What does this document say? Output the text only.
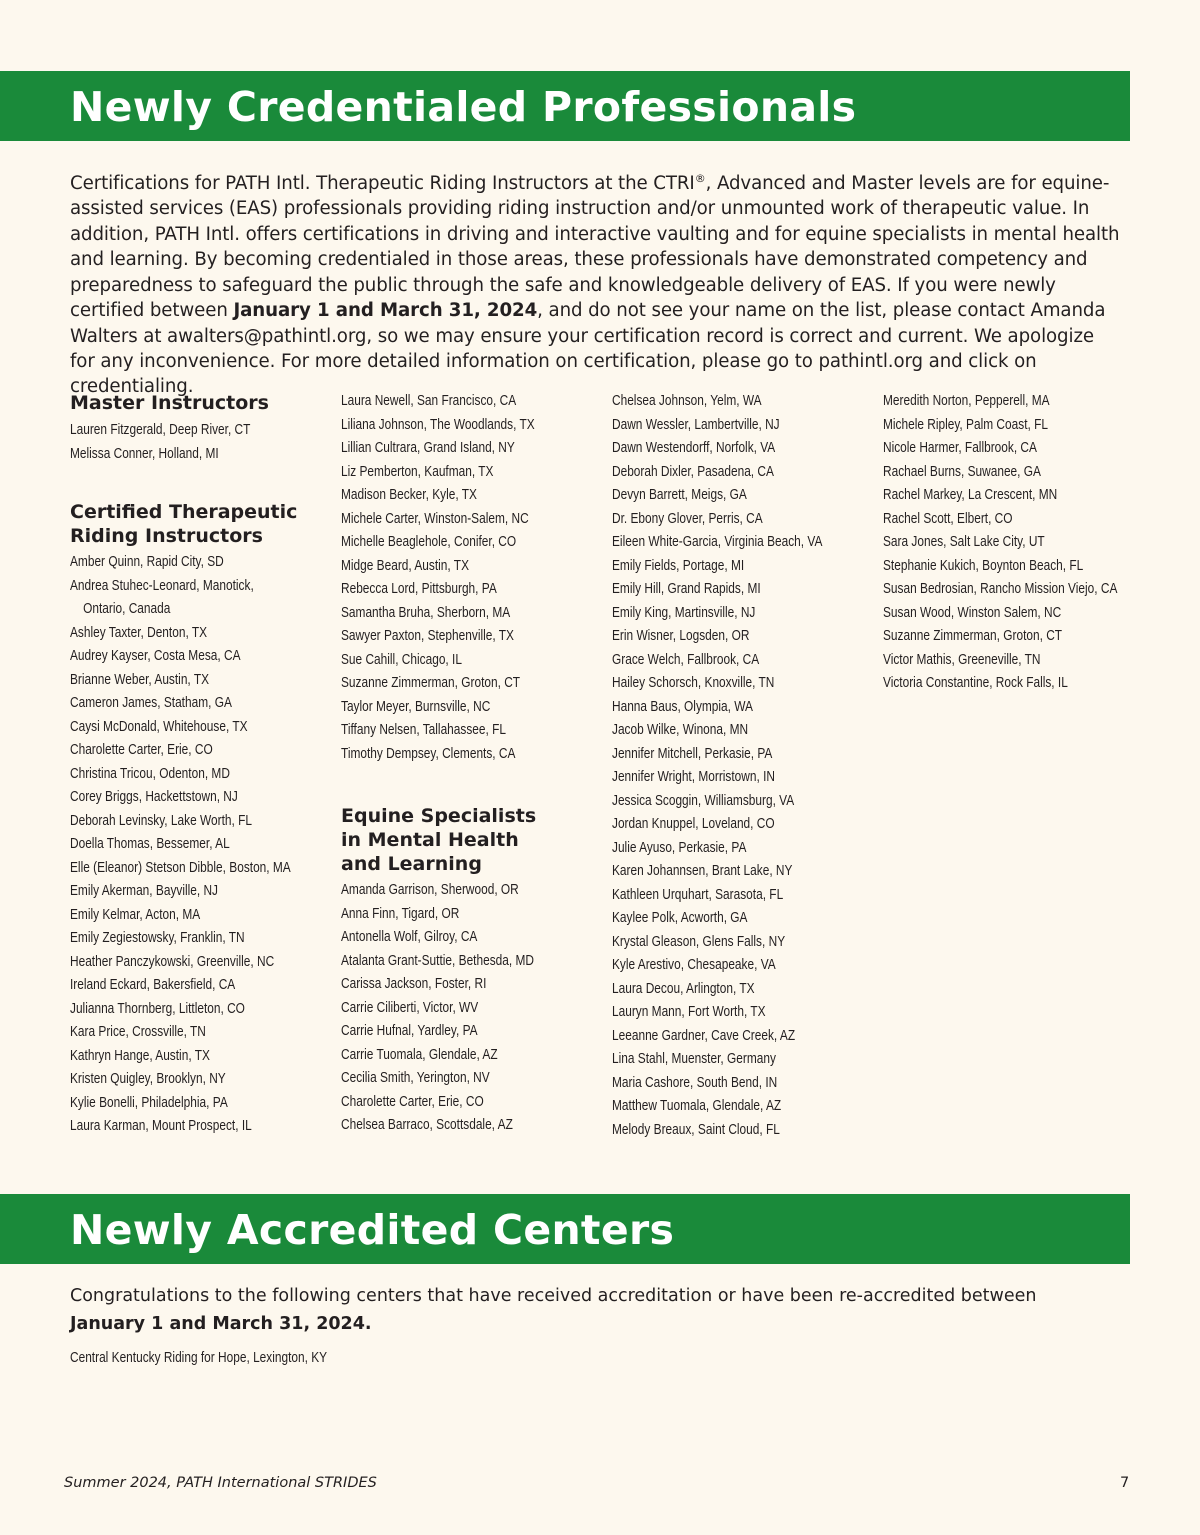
Newly Credentialed Professionals
Certifications for PATH Intl. Therapeutic Riding Instructors at the CTRI®, Advanced and Master levels are for equine-assisted services (EAS) professionals providing riding instruction and/or unmounted work of therapeutic value. In addition, PATH Intl. offers certifications in driving and interactive vaulting and for equine specialists in mental health and learning. By becoming credentialed in those areas, these professionals have demonstrated competency and preparedness to safeguard the public through the safe and knowledgeable delivery of EAS. If you were newly certified between January 1 and March 31, 2024, and do not see your name on the list, please contact Amanda Walters at awalters@pathintl.org, so we may ensure your certification record is correct and current. We apologize for any inconvenience. For more detailed information on certification, please go to pathintl.org and click on credentialing.
Master Instructors
Lauren Fitzgerald, Deep River, CT
Melissa Conner, Holland, MI
Certified Therapeutic
Riding Instructors
Amber Quinn, Rapid City, SD
Andrea Stuhec-Leonard, Manotick,
Ontario, Canada
Ashley Taxter, Denton, TX
Audrey Kayser, Costa Mesa, CA
Brianne Weber, Austin, TX
Cameron James, Statham, GA
Caysi McDonald, Whitehouse, TX
Charolette Carter, Erie, CO
Christina Tricou, Odenton, MD
Corey Briggs, Hackettstown, NJ
Deborah Levinsky, Lake Worth, FL
Doella Thomas, Bessemer, AL
Elle (Eleanor) Stetson Dibble, Boston, MA
Emily Akerman, Bayville, NJ
Emily Kelmar, Acton, MA
Emily Zegiestowsky, Franklin, TN
Heather Panczykowski, Greenville, NC
Ireland Eckard, Bakersfield, CA
Julianna Thornberg, Littleton, CO
Kara Price, Crossville, TN
Kathryn Hange, Austin, TX
Kristen Quigley, Brooklyn, NY
Kylie Bonelli, Philadelphia, PA
Laura Karman, Mount Prospect, IL
Laura Newell, San Francisco, CA
Liliana Johnson, The Woodlands, TX
Lillian Cultrara, Grand Island, NY
Liz Pemberton, Kaufman, TX
Madison Becker, Kyle, TX
Michele Carter, Winston-Salem, NC
Michelle Beaglehole, Conifer, CO
Midge Beard, Austin, TX
Rebecca Lord, Pittsburgh, PA
Samantha Bruha, Sherborn, MA
Sawyer Paxton, Stephenville, TX
Sue Cahill, Chicago, IL
Suzanne Zimmerman, Groton, CT
Taylor Meyer, Burnsville, NC
Tiffany Nelsen, Tallahassee, FL
Timothy Dempsey, Clements, CA
Equine Specialists
in Mental Health
and Learning
Amanda Garrison, Sherwood, OR
Anna Finn, Tigard, OR
Antonella Wolf, Gilroy, CA
Atalanta Grant-Suttie, Bethesda, MD
Carissa Jackson, Foster, RI
Carrie Ciliberti, Victor, WV
Carrie Hufnal, Yardley, PA
Carrie Tuomala, Glendale, AZ
Cecilia Smith, Yerington, NV
Charolette Carter, Erie, CO
Chelsea Barraco, Scottsdale, AZ
Chelsea Johnson, Yelm, WA
Dawn Wessler, Lambertville, NJ
Dawn Westendorff, Norfolk, VA
Deborah Dixler, Pasadena, CA
Devyn Barrett, Meigs, GA
Dr. Ebony Glover, Perris, CA
Eileen White-Garcia, Virginia Beach, VA
Emily Fields, Portage, MI
Emily Hill, Grand Rapids, MI
Emily King, Martinsville, NJ
Erin Wisner, Logsden, OR
Grace Welch, Fallbrook, CA
Hailey Schorsch, Knoxville, TN
Hanna Baus, Olympia, WA
Jacob Wilke, Winona, MN
Jennifer Mitchell, Perkasie, PA
Jennifer Wright, Morristown, IN
Jessica Scoggin, Williamsburg, VA
Jordan Knuppel, Loveland, CO
Julie Ayuso, Perkasie, PA
Karen Johannsen, Brant Lake, NY
Kathleen Urquhart, Sarasota, FL
Kaylee Polk, Acworth, GA
Krystal Gleason, Glens Falls, NY
Kyle Arestivo, Chesapeake, VA
Laura Decou, Arlington, TX
Lauryn Mann, Fort Worth, TX
Leeanne Gardner, Cave Creek, AZ
Lina Stahl, Muenster, Germany
Maria Cashore, South Bend, IN
Matthew Tuomala, Glendale, AZ
Melody Breaux, Saint Cloud, FL
Meredith Norton, Pepperell, MA
Michele Ripley, Palm Coast, FL
Nicole Harmer, Fallbrook, CA
Rachael Burns, Suwanee, GA
Rachel Markey, La Crescent, MN
Rachel Scott, Elbert, CO
Sara Jones, Salt Lake City, UT
Stephanie Kukich, Boynton Beach, FL
Susan Bedrosian, Rancho Mission Viejo, CA
Susan Wood, Winston Salem, NC
Suzanne Zimmerman, Groton, CT
Victor Mathis, Greeneville, TN
Victoria Constantine, Rock Falls, IL
Newly Accredited Centers
Congratulations to the following centers that have received accreditation or have been re-accredited between
January 1 and March 31, 2024.
Central Kentucky Riding for Hope, Lexington, KY
Summer 2024, PATH International STRIDES	7
